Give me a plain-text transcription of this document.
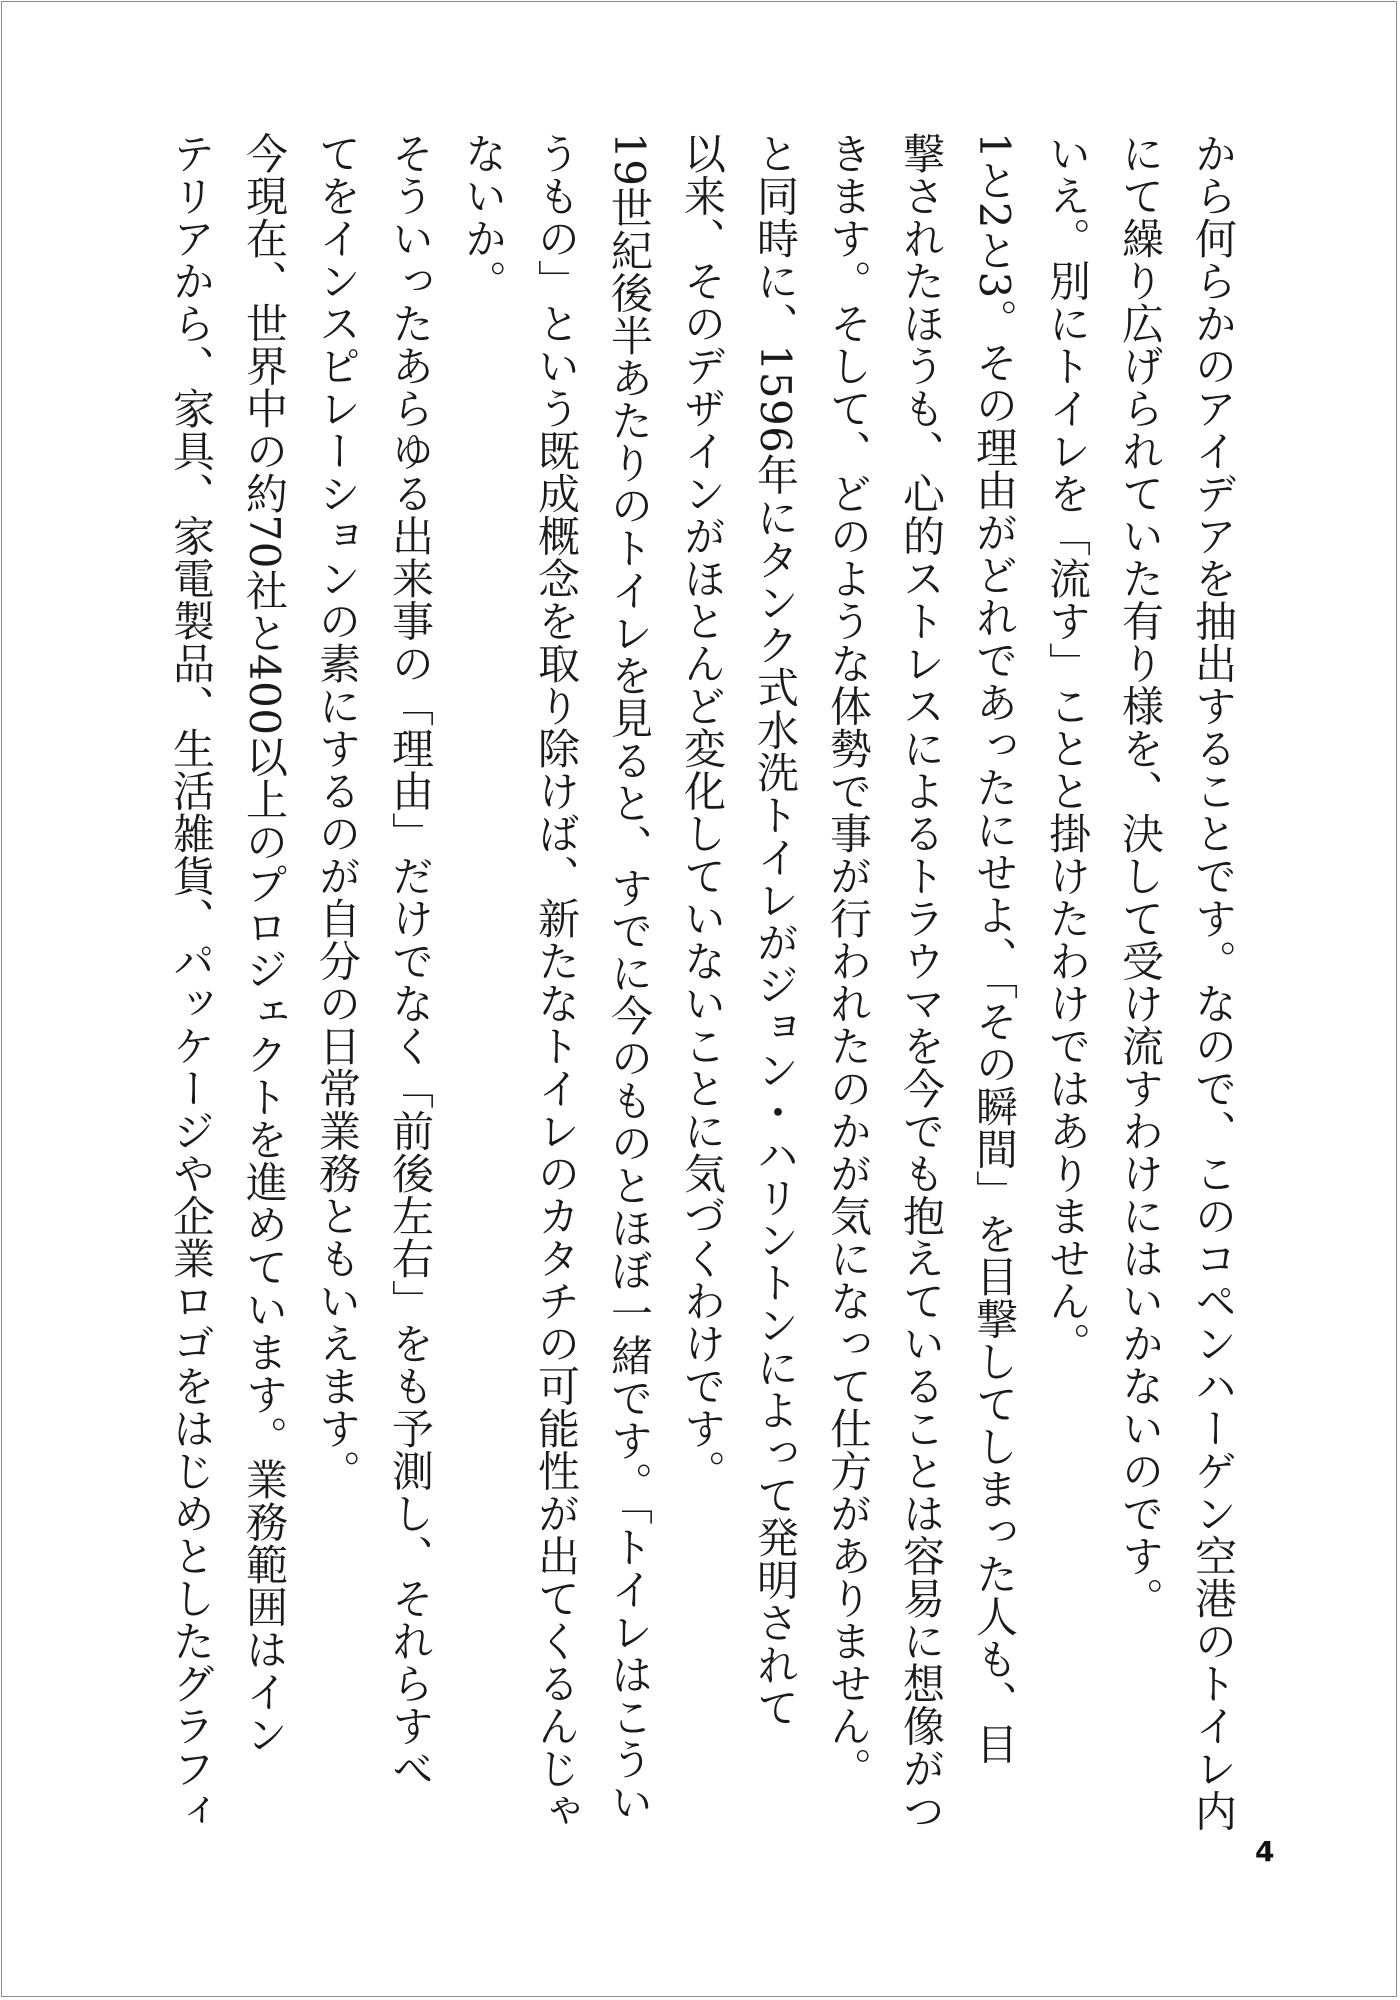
から何らかのアイデアを抽出することです。なので、このコペンハーゲン空港のトイレ内

にて繰り広げられていた有り様を、決して受け流すわけにはいかないのです。

いえ。別にトイレを「流す」ことと掛けたわけではありません。

1と2と3。その理由がどれであったにせよ、「その瞬間」を目撃してしまった人も、目

撃されたほうも、心的ストレスによるトラウマを今でも抱えていることは容易に想像がつ

きます。そして、どのような体勢で事が行われたのかが気になって仕方がありません。

と同時に、1596年にタンク式水洗トイレがジョン・ハリントンによって発明されて

以来、そのデザインがほとんど変化していないことに気づくわけです。

19世紀後半あたりのトイレを見ると、すでに今のものとほぼ一緒です。「トイレはこうい

うもの」という既成概念を取り除けば、新たなトイレのカタチの可能性が出てくるんじゃ

ないか。

そういったあらゆる出来事の「理由」だけでなく「前後左右」をも予測し、それらすべ

てをインスピレーションの素にするのが自分の日常業務ともいえます。

今現在、世界中の約70社と400以上のプロジェクトを進めています。業務範囲はイン

テリアから、家具、家電製品、生活雑貨、パッケージや企業ロゴをはじめとしたグラフィ

4
